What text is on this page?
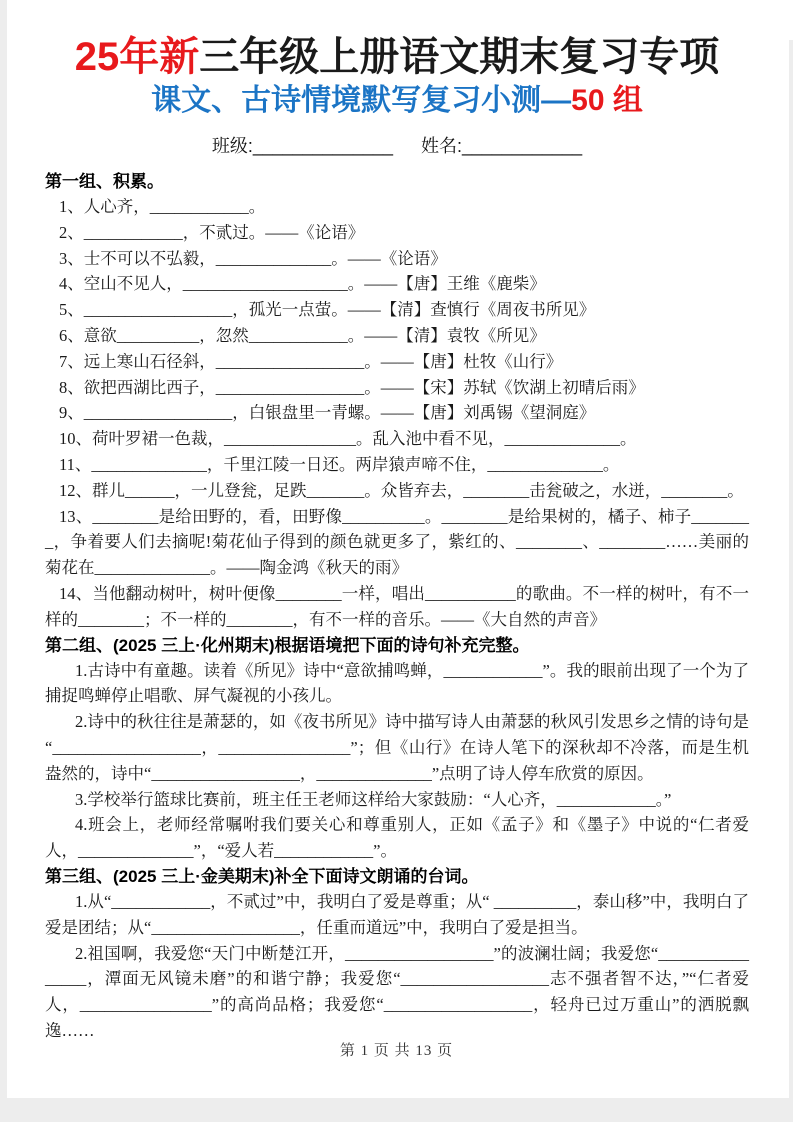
25年新三年级上册语文期末复习专项
课文、古诗情境默写复习小测—50 组
班级:______________ 姓名:____________
第一组、积累。

1、人心齐，____________。

2、____________，不贰过。——《论语》

3、士不可以不弘毅，______________。——《论语》

4、空山不见人，____________________。——【唐】王维《鹿柴》

5、__________________，孤光一点萤。——【清】查慎行《周夜书所见》

6、意欲__________，忽然____________。——【清】袁牧《所见》

7、远上寒山石径斜，__________________。——【唐】杜牧《山行》

8、欲把西湖比西子，__________________。——【宋】苏轼《饮湖上初晴后雨》

9、__________________，白银盘里一青螺。——【唐】刘禹锡《望洞庭》

10、荷叶罗裙一色裁，________________。乱入池中看不见，______________。

11、______________，千里江陵一日还。两岸猿声啼不住，______________。

12、群儿______，一儿登瓮，足跌_______。众皆弃去，________击瓮破之，水迸，________。

13、________是给田野的，看，田野像__________。________是给果树的，橘子、柿子________，争着要人们去摘呢!菊花仙子得到的颜色就更多了，紫红的、________、________……美丽的菊花在______________。——陶金鸿《秋天的雨》

14、当他翻动树叶，树叶便像________一样，唱出___________的歌曲。不一样的树叶，有不一样的________；不一样的________，有不一样的音乐。——《大自然的声音》

第二组、(2025 三上·化州期末)根据语境把下面的诗句补充完整。

1.古诗中有童趣。读着《所见》诗中“意欲捕鸣蝉，____________”。我的眼前出现了一个为了捕捉鸣蝉停止唱歌、屏气凝视的小孩儿。

2.诗中的秋往往是萧瑟的，如《夜书所见》诗中描写诗人由萧瑟的秋风引发思乡之情的诗句是“__________________，________________”；但《山行》在诗人笔下的深秋却不冷落，而是生机盎然的，诗中“__________________，______________”点明了诗人停车欣赏的原因。

3.学校举行篮球比赛前，班主任王老师这样给大家鼓励：“人心齐，____________。”

4.班会上，老师经常嘱咐我们要关心和尊重别人，正如《孟子》和《墨子》中说的“仁者爱人，______________”，“爱人若____________”。

第三组、(2025 三上·金美期末)补全下面诗文朗诵的台词。

1.从“____________，不贰过”中，我明白了爱是尊重；从“ __________，泰山移”中，我明白了爱是团结；从“__________________，任重而道远”中，我明白了爱是担当。

2.祖国啊，我爱您“天门中断楚江开，__________________”的波澜壮阔；我爱您“________________，潭面无风镜未磨”的和谐宁静；我爱您“__________________志不强者智不达，”“仁者爱人，________________”的高尚品格；我爱您“__________________，轻舟已过万重山”的洒脱飘逸……

第 1 页 共 13 页
